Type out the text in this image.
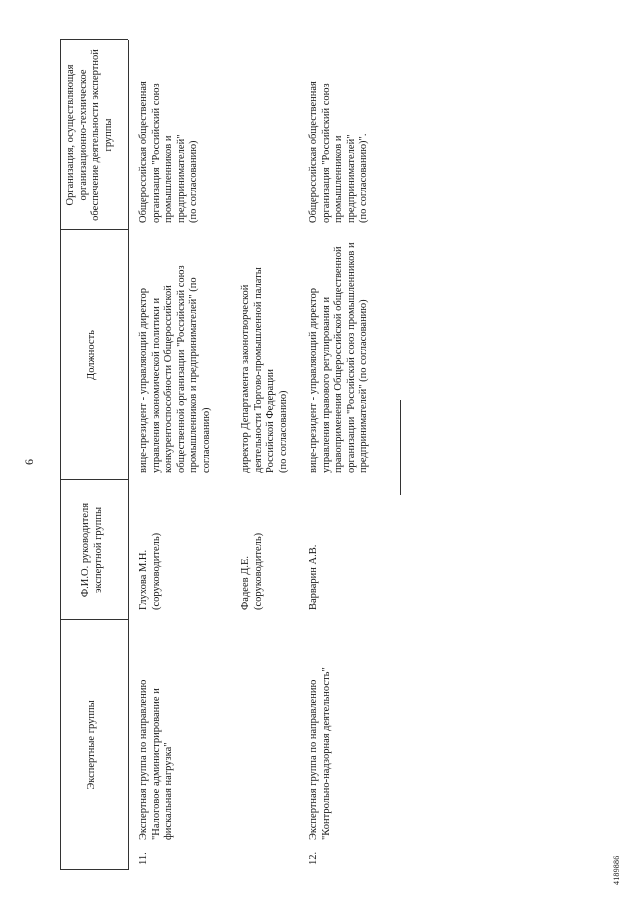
6
Экспертные группы
Ф.И.О. руководителя экспертной группы
Должность
Организация, осуществляющая организационно-техническое обеспечение деятельности экспертной группы
11.
Экспертная группа по направлению "Налоговое администрирование и фискальная нагрузка"
Глухова М.Н.
(соруководитель)
вице-президент - управляющий директор управления экономической политики и конкурентоспособности Общероссийской общественной организации "Российский союз промышленников и предпринимателей" (по согласованию)
Фадеев Д.Е.
(соруководитель)
директор Департамента законотворческой деятельности Торгово-промышленной палаты Российской Федерации
(по согласованию)
Общероссийская общественная организация "Российский союз промышленников и предпринимателей"
(по согласованию)
12.
Экспертная группа по направлению "Контрольно-надзорная деятельность"
Варварин А.В.
вице-президент - управляющий директор управления правового регулирования и правоприменения Общероссийской общественной организации "Российский союз промышленников и предпринимателей" (по согласованию)
Общероссийская общественная организация "Российский союз промышленников и предпринимателей"
(по согласованию)".
4189886
